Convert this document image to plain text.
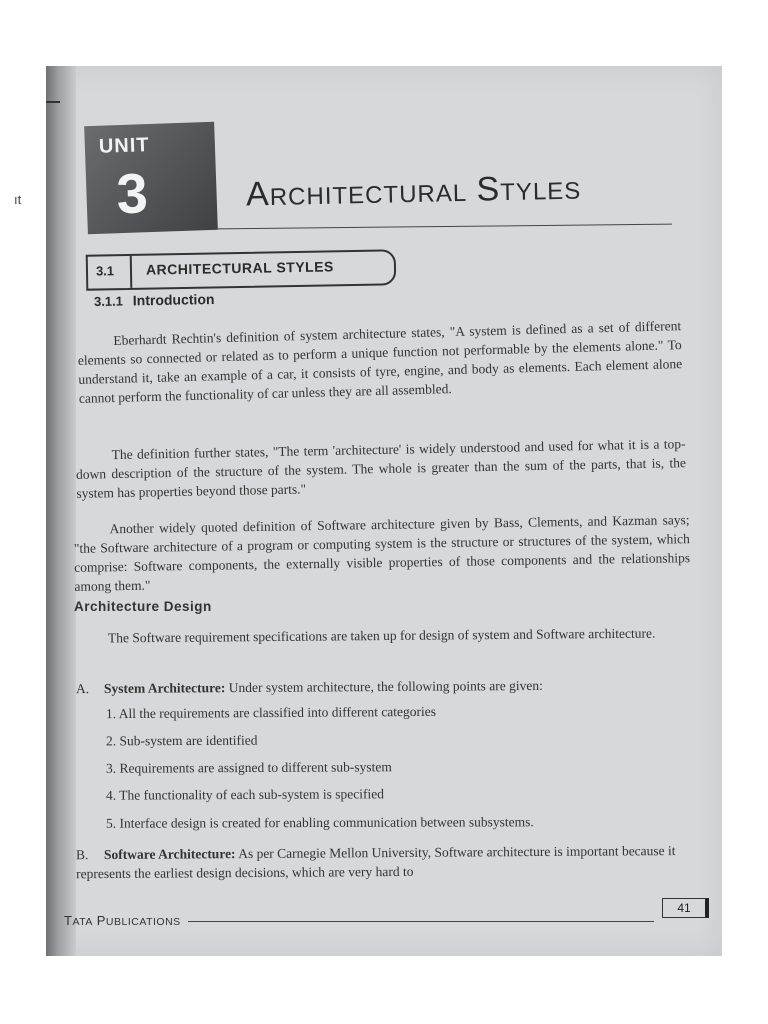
ıt
UNIT
3	ARCHITECTURAL STYLES
3.1 ARCHITECTURAL STYLES
3.1.1 Introduction
Eberhardt Rechtin's definition of system architecture states, "A system is defined as a set of different elements so connected or related as to perform a unique function not performable by the elements alone." To understand it, take an example of a car, it consists of tyre, engine, and body as elements. Each element alone cannot perform the functionality of car unless they are all assembled.
The definition further states, "The term 'architecture' is widely understood and used for what it is a top-down description of the structure of the system. The whole is greater than the sum of the parts, that is, the system has properties beyond those parts."
Another widely quoted definition of Software architecture given by Bass, Clements, and Kazman says; "the Software architecture of a program or computing system is the structure or structures of the system, which comprise: Software components, the externally visible properties of those components and the relationships among them."
Architecture Design
The Software requirement specifications are taken up for design of system and Software architecture.
A. System Architecture: Under system architecture, the following points are given:
1. All the requirements are classified into different categories
2. Sub-system are identified
3. Requirements are assigned to different sub-system
4. The functionality of each sub-system is specified
5. Interface design is created for enabling communication between subsystems.
B. Software Architecture: As per Carnegie Mellon University, Software architecture is important because it represents the earliest design decisions, which are very hard to
TATA PUBLICATIONS
41
